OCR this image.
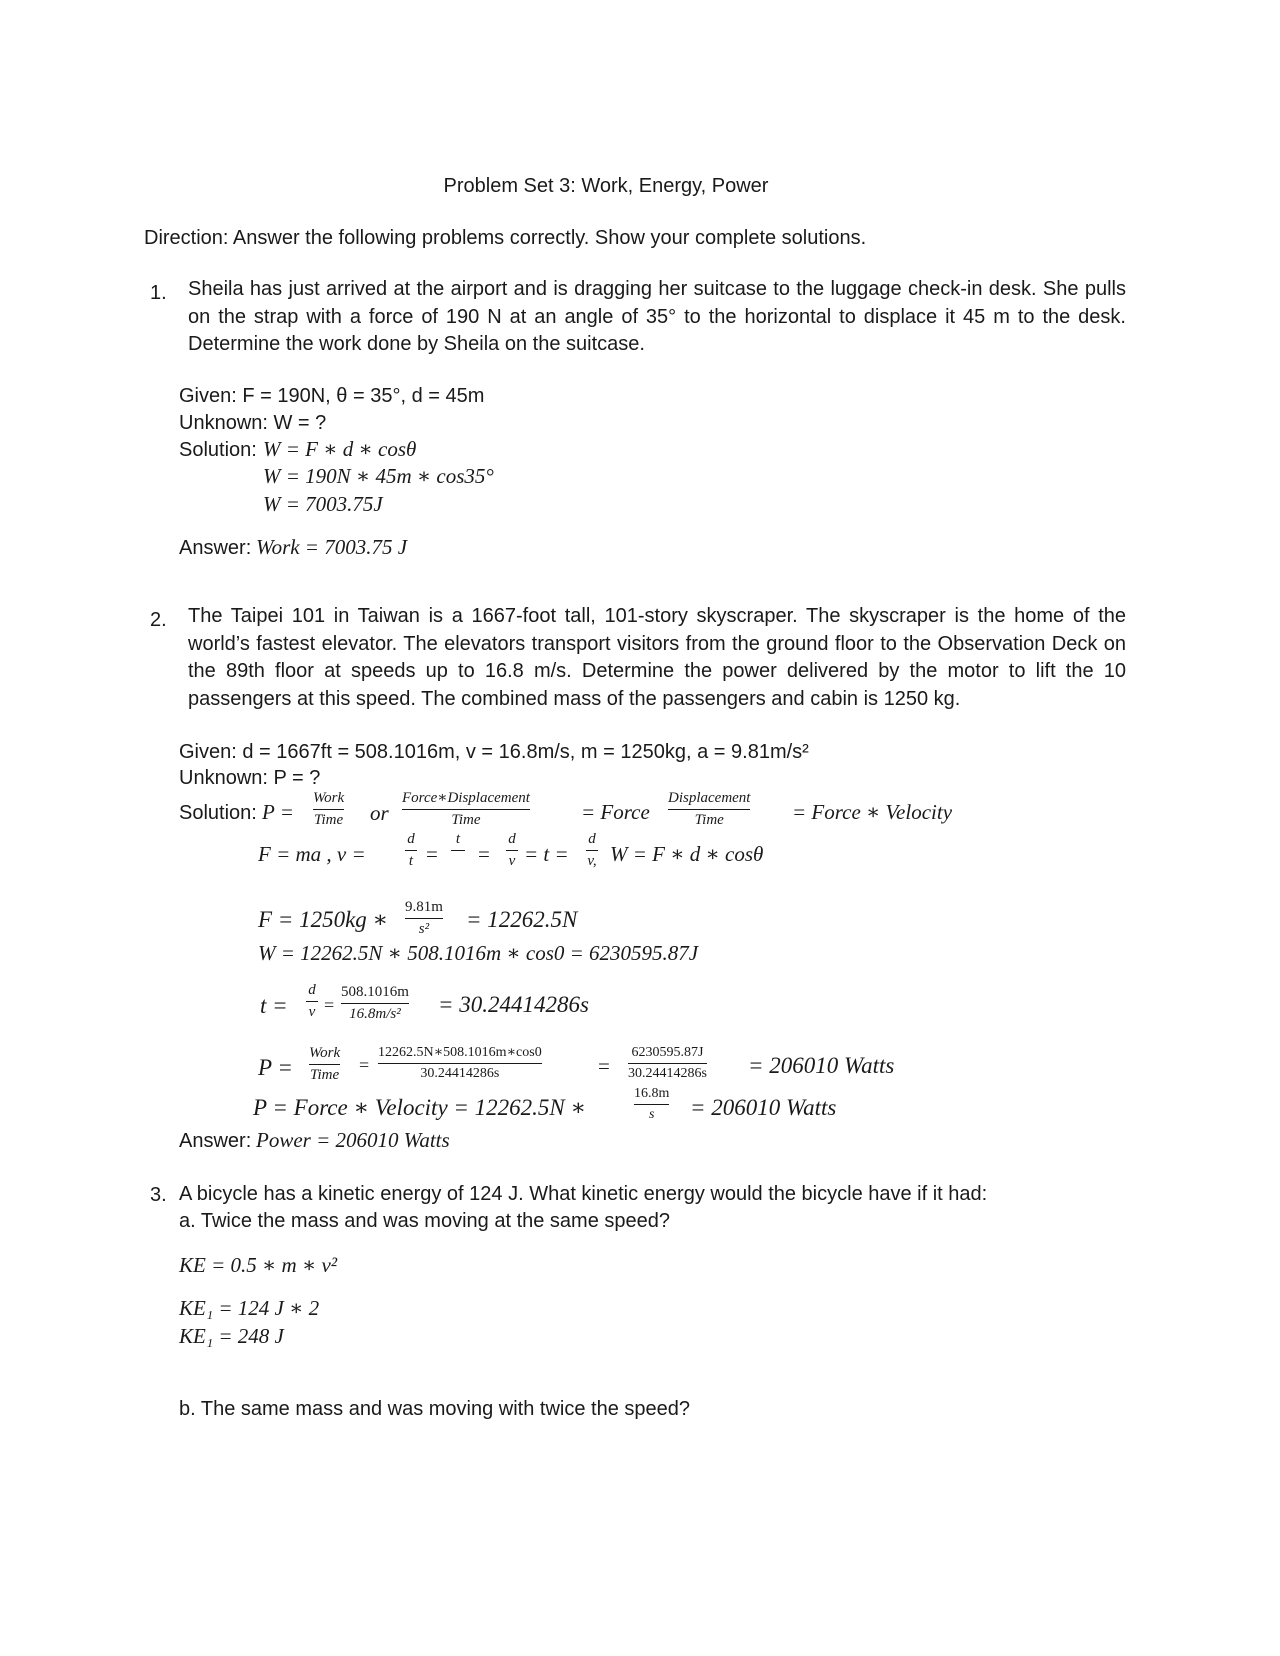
Problem Set 3: Work, Energy, Power
Direction: Answer the following problems correctly. Show your complete solutions.
1. Sheila has just arrived at the airport and is dragging her suitcase to the luggage check-in desk. She pulls on the strap with a force of 190 N at an angle of 35° to the horizontal to displace it 45 m to the desk. Determine the work done by Sheila on the suitcase.
Given: F = 190N, θ = 35°, d = 45m
Unknown: W = ?
Solution: W = F ∗ d ∗ cosθ
W = 190N ∗ 45m ∗ cos35°
W = 7003.75J
Answer: Work = 7003.75 J
2. The Taipei 101 in Taiwan is a 1667-foot tall, 101-story skyscraper. The skyscraper is the home of the world’s fastest elevator. The elevators transport visitors from the ground floor to the Observation Deck on the 89th floor at speeds up to 16.8 m/s. Determine the power delivered by the motor to lift the 10 passengers at this speed. The combined mass of the passengers and cabin is 1250 kg.
Given: d = 1667ft = 508.1016m, v = 16.8m/s, m = 1250kg, a = 9.81m/s²
Unknown: P = ?
Solution: P =
Work
Time or
Force∗Displacement
Time	= Force
Displacement
Time	= Force ∗ Velocity
F = ma , v =
d
t =
t
=
d
v = t =
d
v, W = F ∗ d ∗ cosθ
F = 1250kg ∗ 9.81m
s² = 12262.5N
W = 12262.5N ∗ 508.1016m ∗ cos0 = 6230595.87J
t =
d
v =
508.1016m
16.8m/s² = 30.24414286s
P =
Work
Time =
12262.5N∗508.1016m∗cos0
30.24414286s	=
6230595.87J
30.24414286s = 206010 Watts
P = Force ∗ Velocity = 12262.5N ∗
16.8m
s = 206010 Watts
Answer: Power = 206010 Watts
3. A bicycle has a kinetic energy of 124 J. What kinetic energy would the bicycle have if it had:
a. Twice the mass and was moving at the same speed?
KE = 0.5 ∗ m ∗ v²
KE₁ = 124 J ∗ 2
KE₁ = 248 J
b. The same mass and was moving with twice the speed?
